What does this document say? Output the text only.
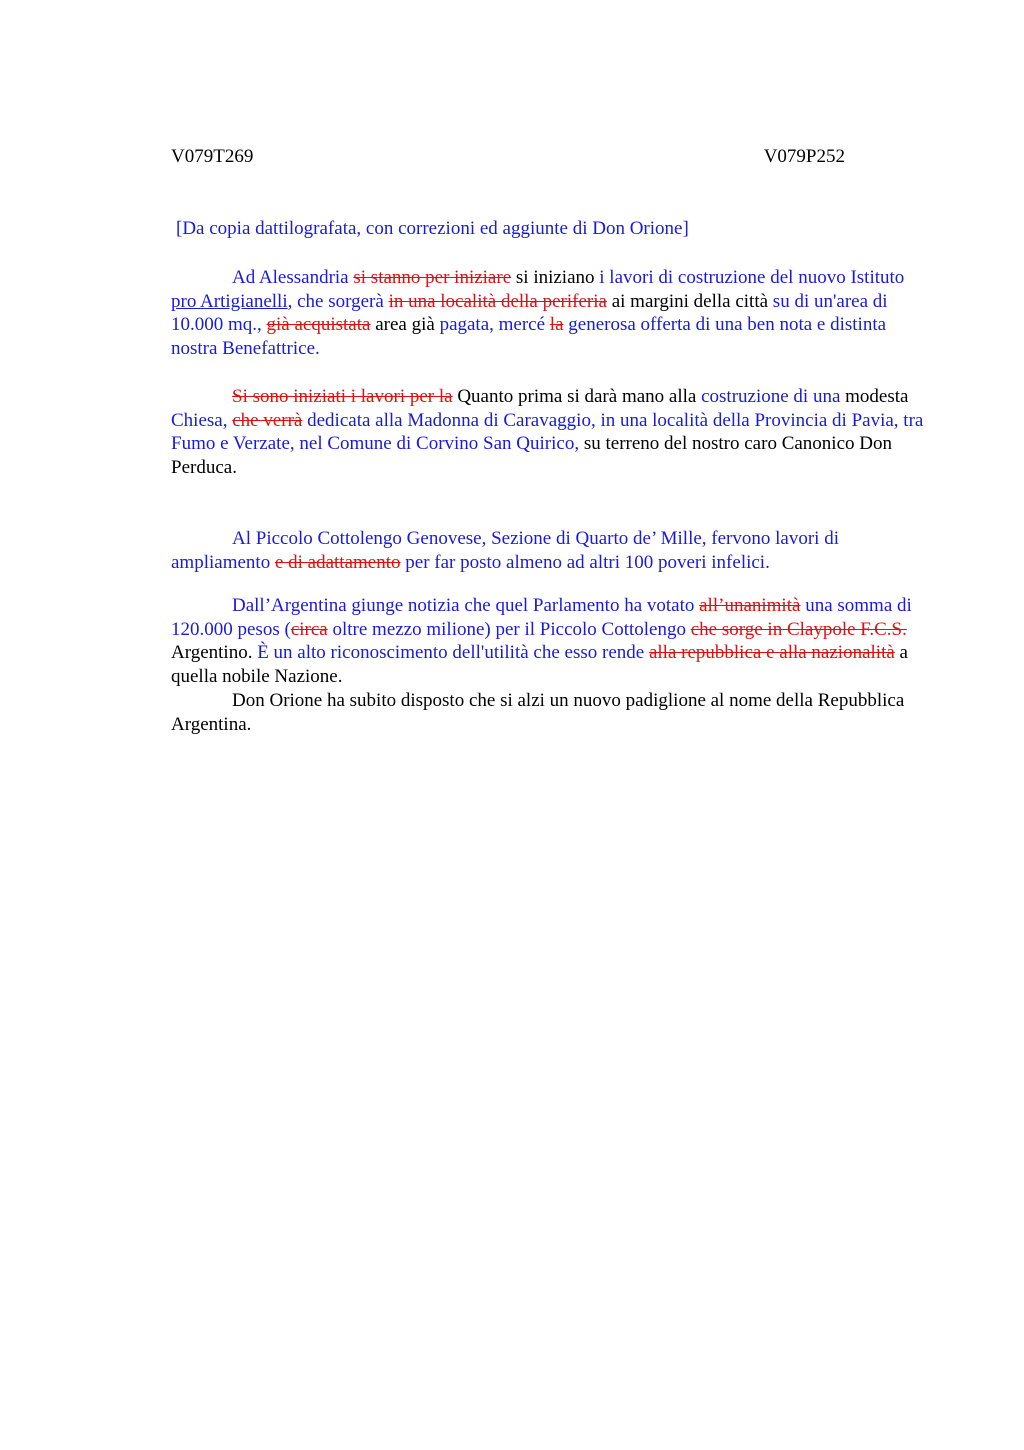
V079T269	V079P252
[Da copia dattilografata, con correzioni ed aggiunte di Don Orione]

Ad Alessandria si stanno per iniziare si iniziano i lavori di costruzione del nuovo Istituto pro Artigianelli, che sorgerà in una località della periferia ai margini della città su di un'area di 10.000 mq., già acquistata area già pagata, mercé la generosa offerta di una ben nota e distinta nostra Benefattrice.

Si sono iniziati i lavori per la Quanto prima si darà mano alla costruzione di una modesta Chiesa, che verrà dedicata alla Madonna di Caravaggio, in una località della Provincia di Pavia, tra Fumo e Verzate, nel Comune di Corvino San Quirico, su terreno del nostro caro Canonico Don Perduca.

Al Piccolo Cottolengo Genovese, Sezione di Quarto de’ Mille, fervono lavori di ampliamento e di adattamento per far posto almeno ad altri 100 poveri infelici.

Dall’Argentina giunge notizia che quel Parlamento ha votato all’unanimità una somma di 120.000 pesos (circa oltre mezzo milione) per il Piccolo Cottolengo che sorge in Claypole F.C.S. Argentino. È un alto riconoscimento dell'utilità che esso rende alla repubblica e alla nazionalità a quella nobile Nazione.

Don Orione ha subito disposto che si alzi un nuovo padiglione al nome della Repubblica Argentina.
